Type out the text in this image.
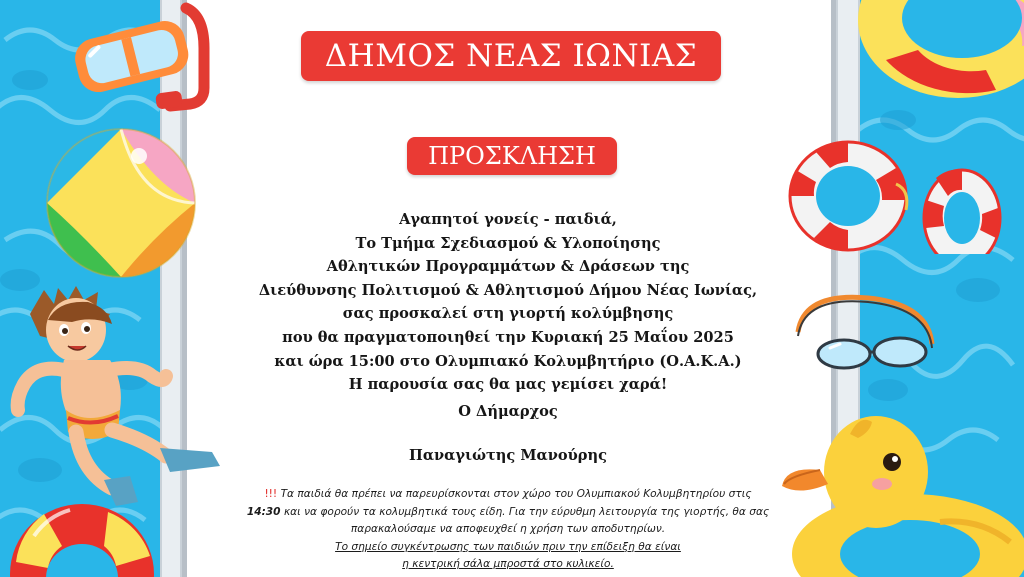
ΔΗΜΟΣ ΝΕΑΣ ΙΩΝΙΑΣ
ΠΡΟΣΚΛΗΣΗ
Αγαπητοί γονείς - παιδιά,
Το Τμήμα Σχεδιασμού & Υλοποίησης
Αθλητικών Προγραμμάτων & Δράσεων της
Διεύθυνσης Πολιτισμού & Αθλητισμού Δήμου Νέας Ιωνίας,
σας προσκαλεί στη γιορτή κολύμβησης
που θα πραγματοποιηθεί την Κυριακή 25 Μαΐου 2025
και ώρα 15:00 στο Ολυμπιακό Κολυμβητήριο (Ο.Α.Κ.Α.)
Η παρουσία σας θα μας γεμίσει χαρά!
Ο Δήμαρχος
Παναγιώτης Μανούρης
!!! Τα παιδιά θα πρέπει να παρευρίσκονται στον χώρο του Ολυμπιακού Κολυμβητηρίου στις
14:30 και να φορούν τα κολυμβητικά τους είδη. Για την εύρυθμη λειτουργία της γιορτής, θα σας
παρακαλούσαμε να αποφευχθεί η χρήση των αποδυτηρίων.
Το σημείο συγκέντρωσης των παιδιών πριν την επίδειξη θα είναι
η κεντρική σάλα μπροστά στο κυλικείο.
